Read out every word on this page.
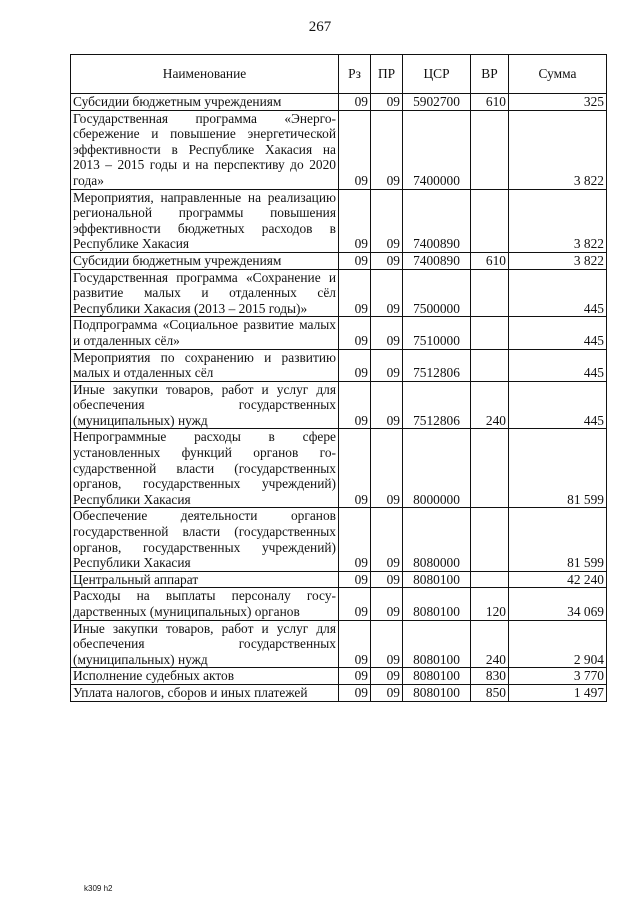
267
Наименование	Рз	ПР	ЦСР	ВР	Сумма
Субсидии бюджетным учреждениям	09	09	5902700	610	325
Государственная программа «Энергосбережение и повышение энергетической эффективности в Республике Хакасия на 2013 – 2015 годы и на перспективу до 2020 года»	09	09	7400000		3 822
Мероприятия, направленные на реализацию региональной программы повышения эффективности бюджетных расходов в Республике Хакасия	09	09	7400890		3 822
Субсидии бюджетным учреждениям	09	09	7400890	610	3 822
Государственная программа «Сохранение и развитие малых и отдаленных сёл Республики Хакасия (2013 – 2015 годы)»	09	09	7500000		445
Подпрограмма «Социальное развитие малых и отдаленных сёл»	09	09	7510000		445
Мероприятия по сохранению и развитию малых и отдаленных сёл	09	09	7512806		445
Иные закупки товаров, работ и услуг для обеспечения государственных (муниципальных) нужд	09	09	7512806	240	445
Непрограммные расходы в сфере установленных функций органов государственной власти (государственных органов, государственных учреждений) Республики Хакасия	09	09	8000000		81 599
Обеспечение деятельности органов государственной власти (государственных органов, государственных учреждений) Республики Хакасия	09	09	8080000		81 599
Центральный аппарат	09	09	8080100		42 240
Расходы на выплаты персоналу государственных (муниципальных) органов	09	09	8080100	120	34 069
Иные закупки товаров, работ и услуг для обеспечения государственных (муниципальных) нужд	09	09	8080100	240	2 904
Исполнение судебных актов	09	09	8080100	830	3 770
Уплата налогов, сборов и иных платежей	09	09	8080100	850	1 497
k309 h2
